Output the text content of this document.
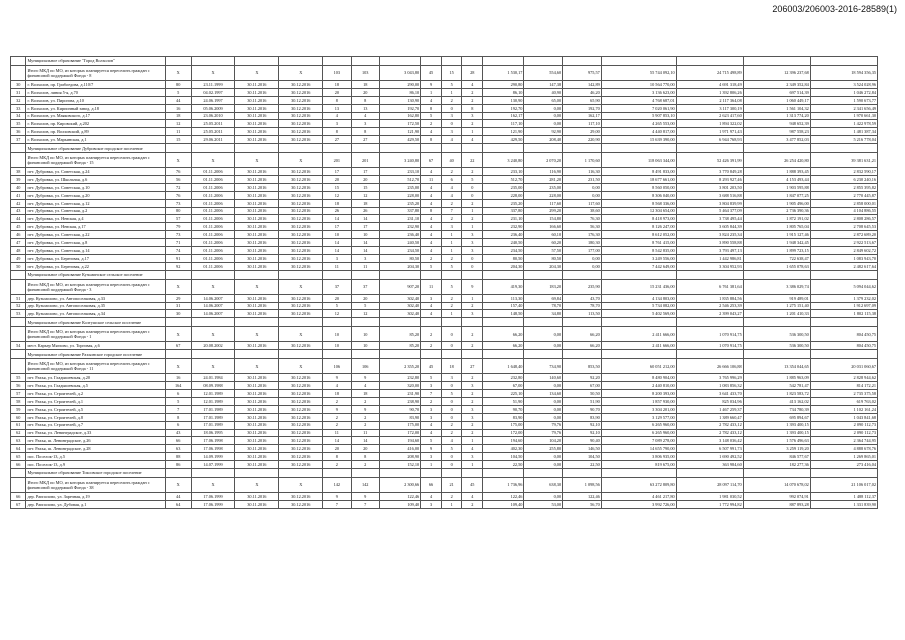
206003/206003-2016-28589(1)
	Муниципальное образование "Город Волхолов"																	
	Итого МКД по МО, из которых планируется переселить граждан с финансовой поддержкой Фонда - 8	X	X	X	X	103	103	3 043,80	45	15	28	1 530,17	554,60	975,57	55 744 092,10	24 715 498,89	12 396 237,68	18 594 356,35
30	г. Волхолов, пр. Грибоедова, д.110/7	80	23.11.1999	30.11.2016	30.12.2016	18	18	290,00	9	5	4	290,80	147,38	142,89	10 564 770,00	4 691 318,49	2 349 352,84	3 524 028,96
31	г. Волхолов, линия 5-я, д.70	5	04.02.1997	30.11.2016	30.12.2016	20	20	86,10	1	1	2	86,10	40,90	46,20	3 136 623,00	1 392 806,26	697 514,39	1 046 272,84
32	г. Волхолов, ул. Пирогова, д.10	44	24.06.1997	30.11.2016	30.12.2016	8	8	130,90	4	2	2	130,90	65,00	65,90	4 768 687,01	2 117 364,08	1 060 449,17	1 590 673,77
33	г. Волхолов, ул. Кирпичный завод, д.18	16	05.06.2009	30.11.2016	30.12.2016	13	13	192,70	8	0	8	192,70	0,00	192,70	7 020 061,90	3 117 300,19	1 561 104,32	2 341 656,49
34	г. Волхолов, ул. Маяковского, д.17	18	23.06.2010	30.11.2016	30.12.2016	4	4	162,80	5	3	3	162,17	0,00	162,17	5 907 853,10	2 623 417,60	1 313 774,20	1 970 661,30
35	г. Волхолов, пр. Кировский, д.202	12	25.05.2011	30.11.2016	30.12.2016	3	3	172,50	2	0	2	117,10	0,00	117,10	4 265 553,00	1 894 322,02	948 652,39	1 422 978,59
36	г. Волхолов, пр. Волховский, д.89	11	25.05.2011	30.11.2016	30.12.2016	8	8	121,90	4	3	1	121,90	92,90	29,00	4 440 817,00	1 971 971,43	987 558,23	1 481 387,34
37	г. Волхолов, ул. Марьинская, д.1	15	29.06.2011	30.11.2016	30.12.2016	27	27	429,50	8	4	4	429,50	208,40	220,90	15 639 390,00	6 944 768,93	3 477 852,03	5 216 778,04
	Муниципальное образование Дубровское городское поселение																	
	Итого МКД по МО, из которых планируется переселить граждан с финансовой поддержкой Фонда - 15	X	X	X	X	201	201	3 240,80	67	40	22	3 240,80	2 070,20	1 170,60	118 063 344,00	52 426 391,99	26 254 420,80	39 381 631,21
38	пгт. Дубровка, ул. Советская, д.24	76	01.11.2006	30.11.2016	30.12.2016	17	17	233,10	4	2	2	233,10	116,90	116,30	8 491 833,00	3 770 849,28	1 888 393,45	2 832 590,17
39	пгт. Дубровка, ул. Школьная, д.6	56	01.11.2006	30.11.2016	30.12.2016	20	20	512,70	11	6	5	512,70	281,20	231,50	18 677 661,00	8 293 927,46	4 153 493,44	6 230 240,16
40	пгт. Дубровка, ул. Советская, д.10	72	01.11.2006	30.11.2016	30.12.2016	15	15	235,00	4	4	0	235,00	235,00	0,00	8 560 050,00	3 801 203,50	1 903 595,88	2 855 395,82
41	пгт. Дубровка, ул. Советская, д.20	76	01.11.2006	30.11.2016	30.12.2016	12	12	228,00	4	4	0	228,00	228,00	0,00	8 306 040,00	3 688 516,88	1 847 077,25	2 770 445,87
42	пгт. Дубровка, ул. Советская, д.12	73	01.11.2006	30.11.2016	30.12.2016	18	18	235,20	4	2	2	235,20	117,60	117,60	8 568 336,00	3 804 839,99	1 905 496,00	2 858 000,01
43	пгт. Дубровка, ул. Советская, д.2	80	01.11.2006	30.11.2016	30.12.2016	26	26	337,80	8	7	1	337,80	299,20	38,60	12 304 654,00	5 464 377,09	2 736 390,36	4 104 886,55
44	пгт. Дубровка, ул. Невская, д.4	57	01.11.2006	30.11.2016	30.12.2016	14	14	231,10	4	2	2	231,10	154,80	76,30	8 418 973,00	3 738 495,44	1 872 191,02	2 808 286,57
45	пгт. Дубровка, ул. Невская, д.17	79	01.11.2006	30.11.2016	30.12.2016	17	17	232,90	4	3	1	232,90	166,60	56,30	8 126 247,00	3 605 844,39	1 805 765,04	2 708 645,53
46	пгт. Дубровка, ул. Советская, д.22	73	01.11.2006	30.11.2016	30.12.2016	10	10	236,40	4	1	3	236,40	60,10	176,30	8 612 052,00	3 824 235,34	1 915 127,46	2 872 689,20
47	пгт. Дубровка, ул. Советская, д.8	71	01.11.2006	30.11.2016	30.12.2016	14	14	240,50	4	1	3	240,50	60,20	180,30	8 761 415,00	3 890 558,88	1 948 342,45	2 922 513,67
48	пгт. Дубровка, ул. Советская, д.14	74	01.11.2006	30.11.2016	30.12.2016	14	14	234,50	4	1	3	234,50	57,50	177,00	8 542 835,00	3 793 497,13	1 899 723,15	2 849 602,72
49	пгт. Дубровка, ул. Береговая, д.17	91	01.11.2006	30.11.2016	30.12.2016	3	3	80,50	2	2	0	80,50	80,50	0,00	3 249 556,00	1 442 986,81	722 638,47	1 083 943,70
50	пгт. Дубровка, ул. Береговая, д.22	92	01.11.2006	30.11.2016	30.12.2016	11	11	204,30	5	5	0	204,30	204,30	0,00	7 442 649,00	3 304 952,93	1 655 078,63	2 482 617,64
	Муниципальное образование Кузьминское сельское поселение																	
	Итого МКД по МО, из которых планируется переселить граждан с финансовой поддержкой Фонда - 3	X	X	X	X	37	37	907,20	11	5	9	419,30	183,20	235,90	15 231 436,00	6 761 381,64	3 386 029,74	5 094 044,62
51	дер. Кузьмолово, ул. Автопоселковая, д.33	29	14.06.2007	30.11.2016	30.12.2016	20	20	302,40	3	2	1	113,30	69,84	43,70	4 134 803,00	1 835 884,56	919 489,01	1 379 232,02
52	дер. Кузьмолово, ул. Автопоселковая, д.35	31	14.06.2007	30.11.2016	30.12.2016	5	5	302,40	4	2	2	157,40	78,70	78,70	5 734 082,00	2 546 253,39	1 275 151,40	1 912 697,09
53	дер. Кузьмолово, ул. Автопоселковая, д.34	30	14.06.2007	30.11.2016	30.12.2016	12	12	302,40	4	1	3	148,50	34,80	113,50	5 402 569,00	2 399 043,27	1 201 410,33	1 802 115,38
	Муниципальное образование Колтушское сельское поселение																	
	Итого МКД по МО, из которых планируется переселить граждан с финансовой поддержкой Фонда - 1	X	X	X	X	10	10	85,20	2	0	2	66,20	0,00	66,20	2 411 666,00	1 070 914,75	536 300,50	804 450,75
54	мест. Карьер Мяглово, ул. Торговая, д.6	67	20.08.2002	30.11.2016	30.12.2016	10	10	85,20	2	0	2	66,20	0,00	66,20	2 411 666,00	1 070 914,75	536 300,50	804 450,75
	Муниципальное образование Рахьинское городское поселение																	
	Итого МКД по МО, из которых планируется переселить граждан с финансовой поддержкой Фонда - 11	X	X	X	X	106	106	2 355,20	45	18	27	1 648,40	734,90	853,50	60 051 212,00	26 666 106,88	13 354 044,65	20 031 060,67
55	пгт. Рахья, ул. Гладышевская, д.20	16	24.01.1984	30.11.2016	30.12.2016	9	9	232,80	5	3	2	232,80	140,60	92,20	8 480 904,00	3 765 996,29	1 885 963,09	2 828 944,62
56	пгт. Рахья, ул. Гладышевская, д.5	164	08.09.1988	30.11.2016	30.12.2016	4	4	320,00	3	0	3	67,00	0,00	67,00	2 440 810,00	1 083 856,32	542 781,47	814 172,21
57	пгт. Рахья, ул. Строителей, д.2	6	12.01.1989	30.11.2016	30.12.2016	18	18	231,90	7	5	2	225,10	134,60	50,50	8 200 393,00	3 641 433,70	1 823 583,72	2 735 375,58
58	пгт. Рахья, ул. Строителей, д.1	5	12.01.1989	30.11.2016	30.12.2016	2	2	238,90	2	0	2	51,90	0,00	51,90	1 857 930,00	825 034,96	413 162,02	619 763,02
59	пгт. Рахья, ул. Строителей, д.5	7	17.01.1989	30.11.2016	30.12.2016	9	9	90,70	3	0	3	90,70	0,00	90,70	3 304 201,00	1 467 259,37	734 780,39	1 102 161,24
60	пгт. Рахья, ул. Строителей, д.8	8	17.01.1989	30.11.2016	30.12.2016	2	2	83,90	3	0	3	83,90	0,00	83,90	3 129 577,00	1 389 660,47	695 894,67	1 043 841,68
61	пгт. Рахья, ул. Строителей, д.7	6	17.01.1989	30.11.2016	30.12.2016	2	2	175,00	4	2	2	175,00	79,76	92,10	6 265 960,00	2 782 433,12	1 393 400,15	2 090 112,73
62	пгт. Рахья, ул. Ленинградское, д.33	43	18.06.1995	30.11.2016	30.12.2016	11	11	172,00	4	2	2	172,00	79,76	92,10	6 265 960,00	2 782 433,12	1 393 400,15	2 090 112,73
63	пгт. Рахья, ш. Ленинградское, д.26	66	17.06.1998	30.11.2016	30.12.2016	14	14	194,60	5	4	1	194,60	104,20	90,40	7 089 278,00	3 148 036,42	1 576 496,63	2 364 744,95
64	пгт. Рахья, ш. Ленинградское, д.28	63	17.06.1998	30.11.2016	30.12.2016	20	20	416,00	9	5	4	402,30	255,80	146,50	14 655 790,00	6 507 991,73	3 259 119,20	4 888 678,76
65	пос. Поселок-13, д.5	88	14.09.1999	30.11.2016	30.12.2016	8	8	208,90	3	0	3	104,50	0,00	104,50	3 806 935,00	1 690 492,52	846 577,67	1 269 865,01
66	пос. Поселок-13, д.9	86	14.07.1999	30.11.2016	30.12.2016	2	2	152,10	1	0	1	22,50	0,00	22,50	819 675,00	363 984,60	182 277,36	273 416,04
	Муниципальное образование Токсовское городское поселение																	
	Итого МКД по МО, из которых планируется переселить граждан с финансовой поддержкой Фонда - 38	X	X	X	X	142	142	2 300,66	66	21	45	1 736,96	638,30	1 098,56	63 272 809,80	28 097 114,70	14 070 678,02	21 106 017,02
66	дер. Рапполово, ул. Заречная, д.19	44	17.06.1999	30.11.2016	30.12.2016	9	9	122,46	4	2	4	122,46	0,00	122,46	4 461 217,80	1 981 030,52	992 074,91	1 488 112,37
67	дер. Рапполово, ул. Дубовая, д.1	64	17.06.1999	30.11.2016	30.12.2016	7	7	109,40	3	1	2	109,40	53,00	56,70	3 992 726,00	1 772 994,82	887 893,28	1 331 839,90
